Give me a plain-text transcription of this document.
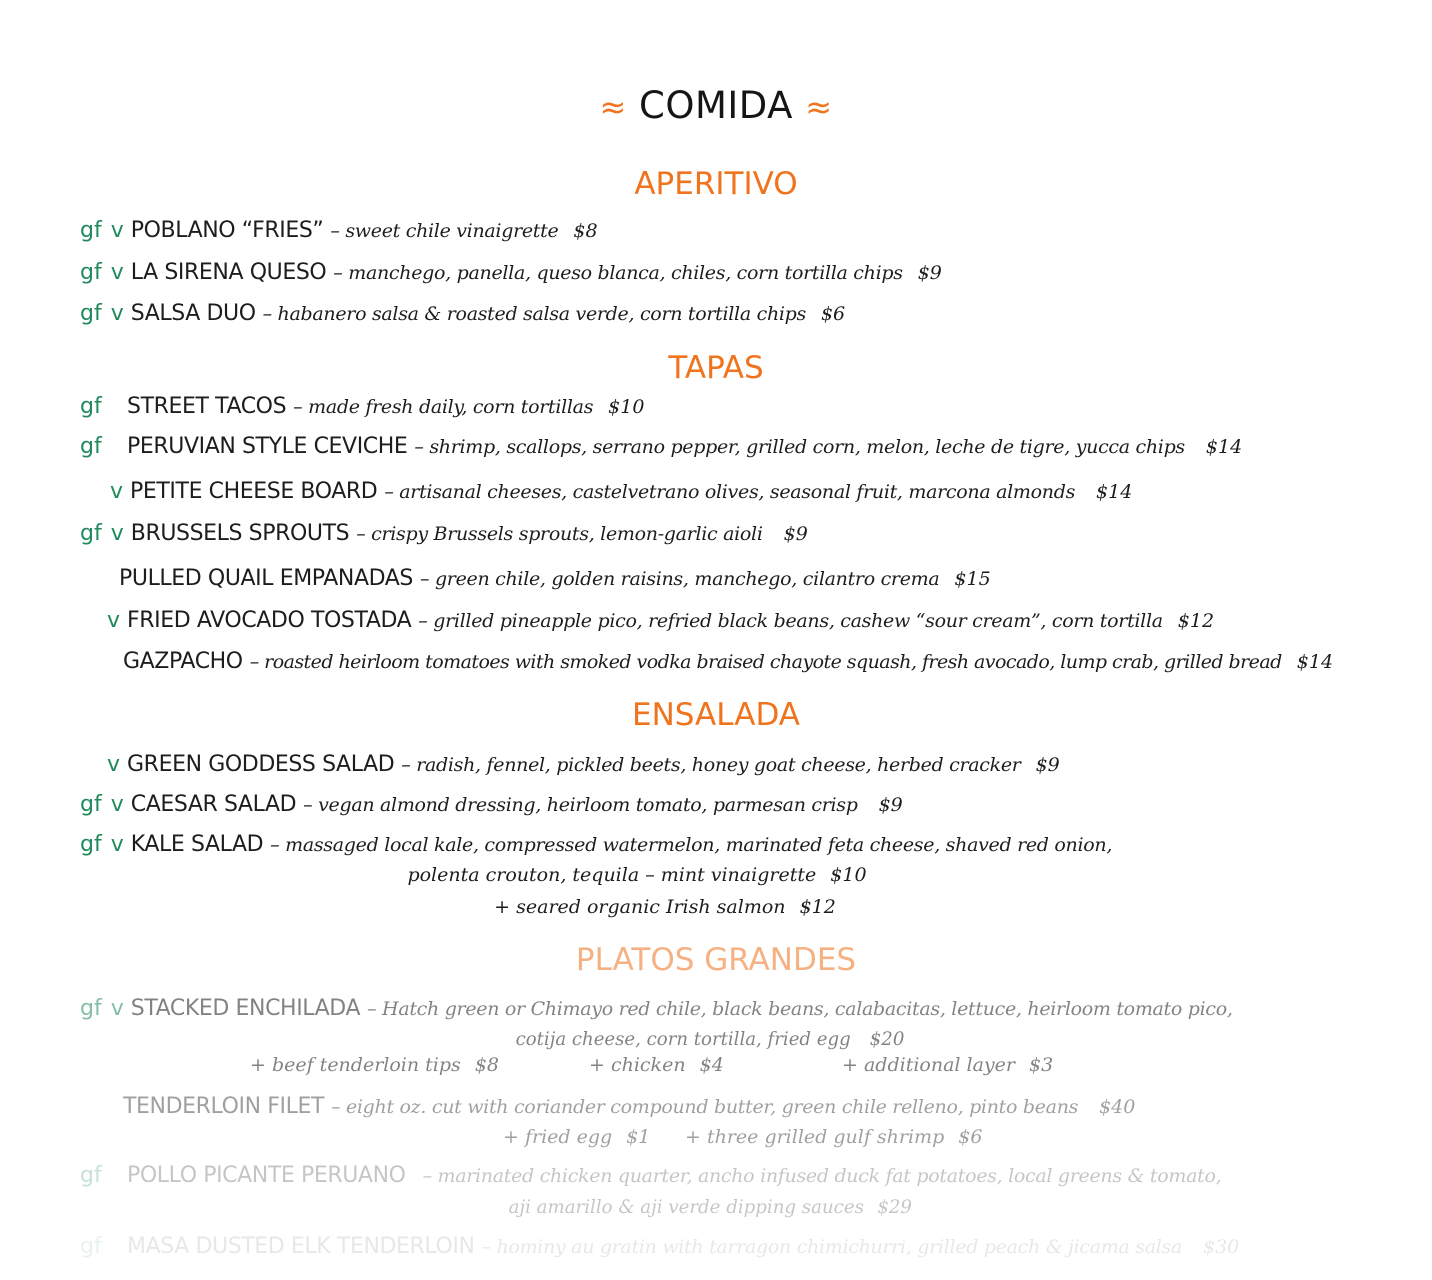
≈ COMIDA ≈
APERITIVO
gf v POBLANO “FRIES” – sweet chile vinaigrette $8
gf v LA SIRENA QUESO – manchego, panella, queso blanca, chiles, corn tortilla chips $9
gf v SALSA DUO – habanero salsa & roasted salsa verde, corn tortilla chips $6
TAPAS
gf STREET TACOS – made fresh daily, corn tortillas $10
gf PERUVIAN STYLE CEVICHE – shrimp, scallops, serrano pepper, grilled corn, melon, leche de tigre, yucca chips $14
v PETITE CHEESE BOARD – artisanal cheeses, castelvetrano olives, seasonal fruit, marcona almonds $14
gf v BRUSSELS SPROUTS – crispy Brussels sprouts, lemon-garlic aioli $9
PULLED QUAIL EMPANADAS – green chile, golden raisins, manchego, cilantro crema $15
v FRIED AVOCADO TOSTADA – grilled pineapple pico, refried black beans, cashew “sour cream”, corn tortilla $12
GAZPACHO – roasted heirloom tomatoes with smoked vodka braised chayote squash, fresh avocado, lump crab, grilled bread $14
ENSALADA
v GREEN GODDESS SALAD – radish, fennel, pickled beets, honey goat cheese, herbed cracker $9
gf v CAESAR SALAD – vegan almond dressing, heirloom tomato, parmesan crisp $9
gf v KALE SALAD – massaged local kale, compressed watermelon, marinated feta cheese, shaved red onion,
polenta crouton, tequila – mint vinaigrette $10
+ seared organic Irish salmon $12
PLATOS GRANDES
gf v STACKED ENCHILADA – Hatch green or Chimayo red chile, black beans, calabacitas, lettuce, heirloom tomato pico,
cotija cheese, corn tortilla, fried egg $20
+ beef tenderloin tips $8	+ chicken $4	+ additional layer $3
TENDERLOIN FILET – eight oz. cut with coriander compound butter, green chile relleno, pinto beans $40
+ fried egg $1 + three grilled gulf shrimp $6
gf POLLO PICANTE PERUANO – marinated chicken quarter, ancho infused duck fat potatoes, local greens & tomato,
aji amarillo & aji verde dipping sauces $29
gf MASA DUSTED ELK TENDERLOIN – hominy au gratin with tarragon chimichurri, grilled peach & jicama salsa $30
